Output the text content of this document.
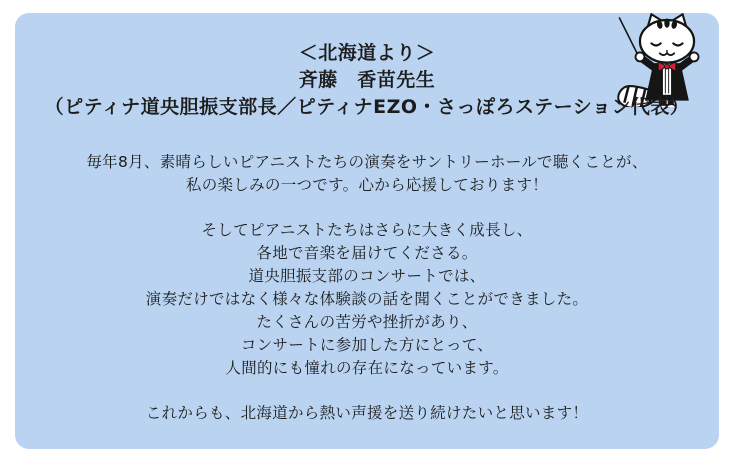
＜北海道より＞
斉藤　香苗先生
（ピティナ道央胆振支部長／ピティナEZO・さっぽろステーション代表）

毎年8月、素晴らしいピアニストたちの演奏をサントリーホールで聴くことが、

私の楽しみの一つです。心から応援しております！

そしてピアニストたちはさらに大きく成長し、

各地で音楽を届けてくださる。

道央胆振支部のコンサートでは、

演奏だけではなく様々な体験談の話を聞くことができました。

たくさんの苦労や挫折があり、

コンサートに参加した方にとって、

人間的にも憧れの存在になっています。

これからも、北海道から熱い声援を送り続けたいと思います！
